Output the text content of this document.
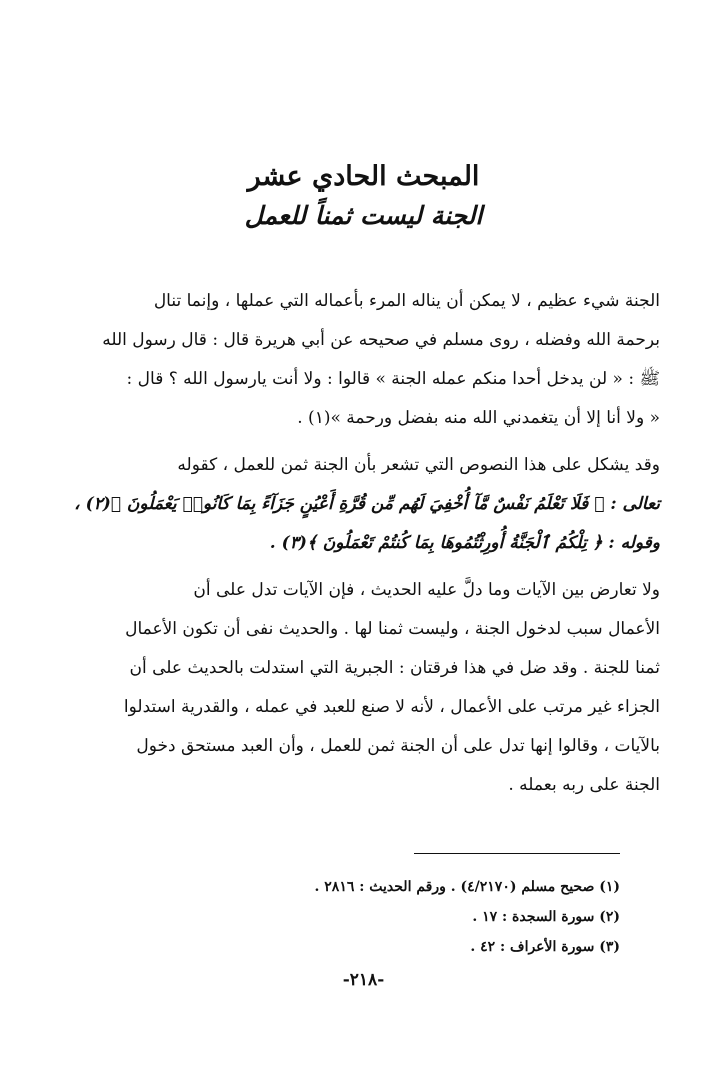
المبحث الحادي عشر
الجنة ليست ثمناً للعمل

الجنة شيء عظيم ، لا يمكن أن يناله المرء بأعماله التي عملها ، وإنما تنال

برحمة الله وفضله ، روى مسلم في صحيحه عن أبي هريرة قال : قال رسول الله

ﷺ : « لن يدخل أحدا منكم عمله الجنة » قالوا : ولا أنت يارسول الله ؟ قال :

« ولا أنا إلا أن يتغمدني الله منه بفضل ورحمة »(١) .

وقد يشكل على هذا النصوص التي تشعر بأن الجنة ثمن للعمل ، كقوله

تعالى : ﴿ فَلَا تَعْلَمُ نَفْسٌ مَّآ أُخْفِيَ لَهُم مِّن قُرَّةِ أَعْيُنٍ جَزَآءً بِمَا كَانُوا۟ يَعْمَلُونَ ﴾(٢) ،

وقوله : ﴿ تِلْكُمُ ٱلْجَنَّةُ أُورِثْتُمُوهَا بِمَا كُنتُمْ تَعْمَلُونَ ﴾(٣) .

ولا تعارض بين الآيات وما دلَّ عليه الحديث ، فإن الآيات تدل على أن

الأعمال سبب لدخول الجنة ، وليست ثمنا لها . والحديث نفى أن تكون الأعمال

ثمنا للجنة . وقد ضل في هذا فرقتان : الجبرية التي استدلت بالحديث على أن

الجزاء غير مرتب على الأعمال ، لأنه لا صنع للعبد في عمله ، والقدرية استدلوا

بالآيات ، وقالوا إنها تدل على أن الجنة ثمن للعمل ، وأن العبد مستحق دخول

الجنة على ربه بعمله .

(١) صحيح مسلم (٤/٢١٧٠) . ورقم الحديث : ٢٨١٦ .

(٢) سورة السجدة : ١٧ .

(٣) سورة الأعراف : ٤٢ .

-٢١٨-
